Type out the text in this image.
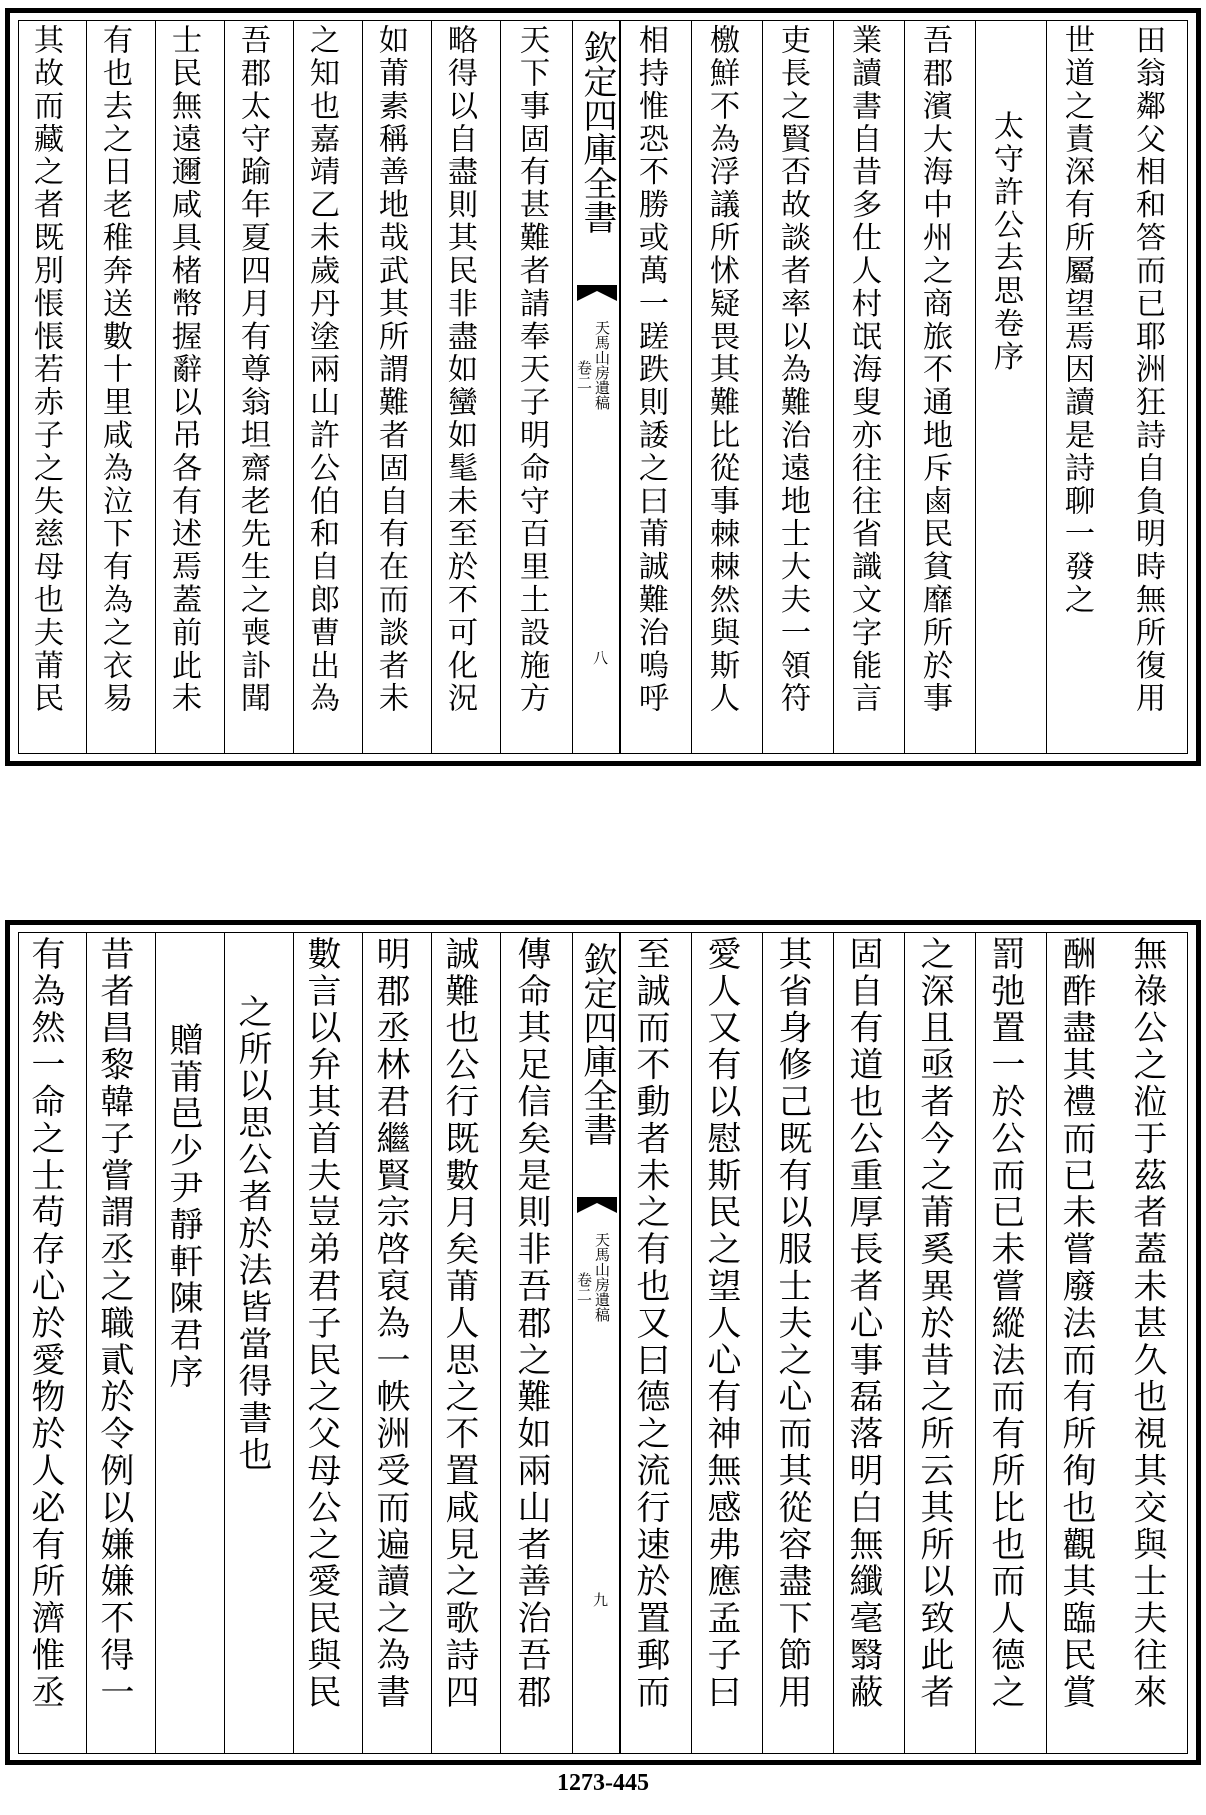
田翁鄰父相和答而已耶洲狂詩自負明時無所復用
世道之責深有所屬望焉因讀是詩聊一發之
太守許公去思卷序
吾郡濱大海中州之商旅不通地斥鹵民貧靡所於事
業讀書自昔多仕人村氓海叟亦往往省識文字能言
吏長之賢否故談者率以為難治遠地士大夫一領符
檄鮮不為浮議所怵疑畏其難比從事棘棘然與斯人
相持惟恐不勝或萬一蹉跌則諉之曰莆誠難治嗚呼
欽定四庫全書
天馬山房遺稿
卷二
八
天下事固有甚難者請奉天子明命守百里土設施方
略得以自盡則其民非盡如蠻如髦未至於不可化況
如莆素稱善地哉武其所謂難者固自有在而談者未
之知也嘉靖乙未歲丹塗兩山許公伯和自郎曹出為
吾郡太守踰年夏四月有尊翁坦齋老先生之喪訃聞
士民無遠邇咸具楮幣握辭以吊各有述焉蓋前此未
有也去之日老稚奔送數十里咸為泣下有為之衣易
其故而藏之者既別悵悵若赤子之失慈母也夫莆民
無祿公之涖于茲者蓋未甚久也視其交與士夫往來
酬酢盡其禮而已未嘗廢法而有所徇也觀其臨民賞
罰弛置一於公而已未嘗縱法而有所比也而人德之
之深且亟者今之莆奚異於昔之所云其所以致此者
固自有道也公重厚長者心事磊落明白無纖毫翳蔽
其省身修己既有以服士夫之心而其從容盡下節用
愛人又有以慰斯民之望人心有神無感弗應孟子曰
至誠而不動者未之有也又曰德之流行速於置郵而
欽定四庫全書
天馬山房遺稿
卷二
九
傳命其足信矣是則非吾郡之難如兩山者善治吾郡
誠難也公行既數月矣莆人思之不置咸見之歌詩四
明郡丞林君繼賢宗啓裒為一帙洲受而遍讀之為書
數言以弁其首夫豈弟君子民之父母公之愛民與民
之所以思公者於法皆當得書也
贈莆邑少尹靜軒陳君序
昔者昌黎韓子嘗謂丞之職貳於令例以嫌嫌不得一
有為然一命之士苟存心於愛物於人必有所濟惟丞
1273-445
